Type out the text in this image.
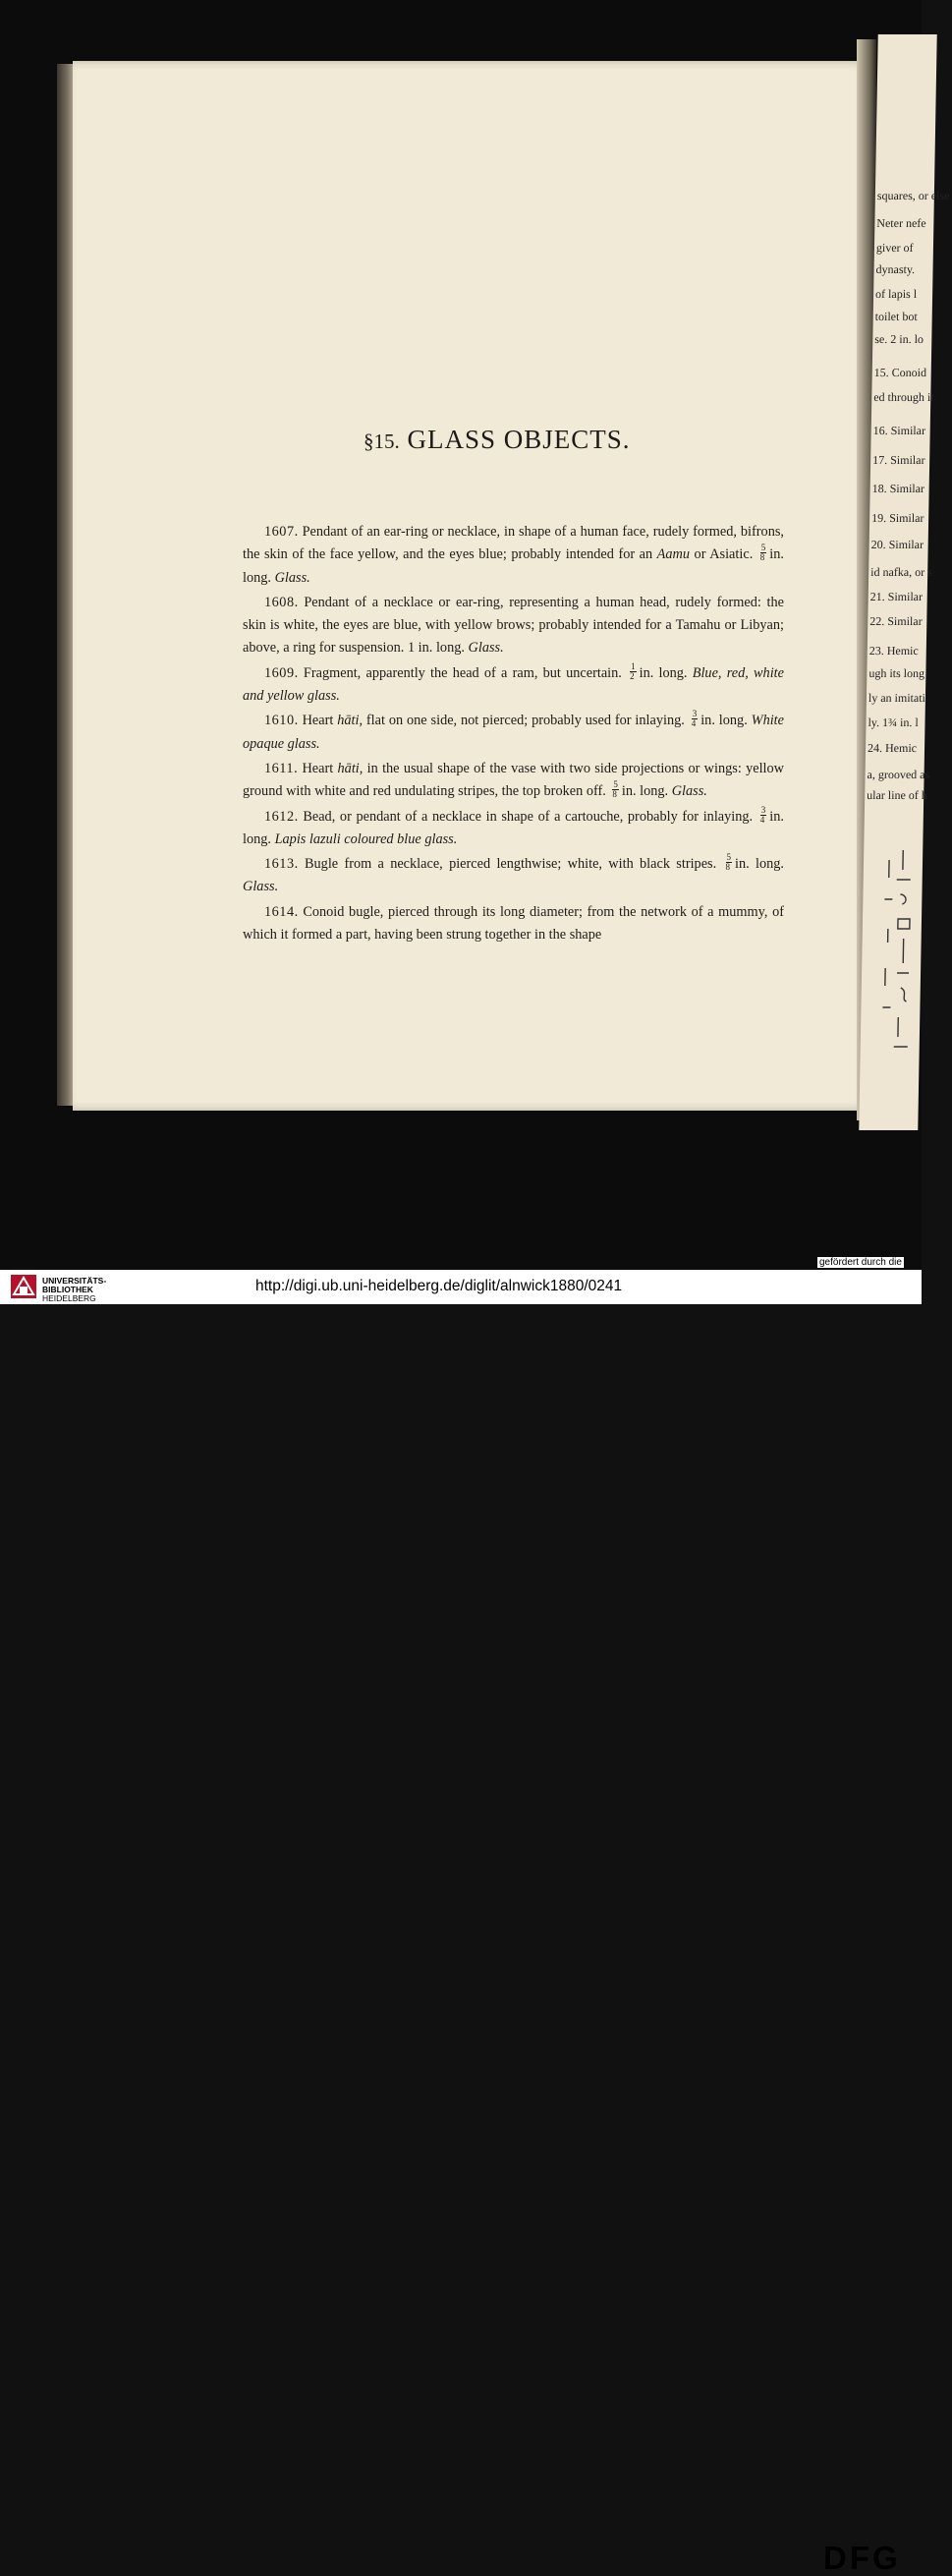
squares, or else
Neter nefe
giver of
dynasty.
of lapis l
toilet bot
se. 2 in. lo
15. Conoid
ed through it
16. Similar
17. Similar
18. Similar
19. Similar
20. Similar
id nafka, or s
21. Similar
22. Similar
23. Hemic
ugh its long
ly an imitati
ly. 1¾ in. l
24. Hemic
a, grooved as
ular line of h
§15. GLASS OBJECTS.

1607. Pendant of an ear-ring or necklace, in shape of a human face, rudely formed, bifrons, the skin of the face yellow, and the eyes blue; probably intended for an Aamu or Asiatic. $\frac{5}{8}$ in. long. Glass.

1608. Pendant of a necklace or ear-ring, representing a human head, rudely formed: the skin is white, the eyes are blue, with yellow brows; probably intended for a Tamahu or Libyan; above, a ring for suspension. 1 in. long. Glass.

1609. Fragment, apparently the head of a ram, but uncertain. $\frac{1}{2}$ in. long. Blue, red, white and yellow glass.

1610. Heart hāti, flat on one side, not pierced; probably used for inlaying. $\frac{3}{4}$ in. long. White opaque glass.

1611. Heart hāti, in the usual shape of the vase with two side projections or wings: yellow ground with white and red undulating stripes, the top broken off. $\frac{5}{8}$ in. long. Glass.

1612. Bead, or pendant of a necklace in shape of a cartouche, probably for inlaying. $\frac{3}{4}$ in. long. Lapis lazuli coloured blue glass.

1613. Bugle from a necklace, pierced lengthwise; white, with black stripes. $\frac{5}{8}$ in. long. Glass.

1614. Conoid bugle, pierced through its long diameter; from the network of a mummy, of which it formed a part, having been strung together in the shape

UNIVERSITÄTS-
BIBLIOTHEK
HEIDELBERG
http://digi.ub.uni-heidelberg.de/diglit/alnwick1880/0241
DFG
gefördert durch die
